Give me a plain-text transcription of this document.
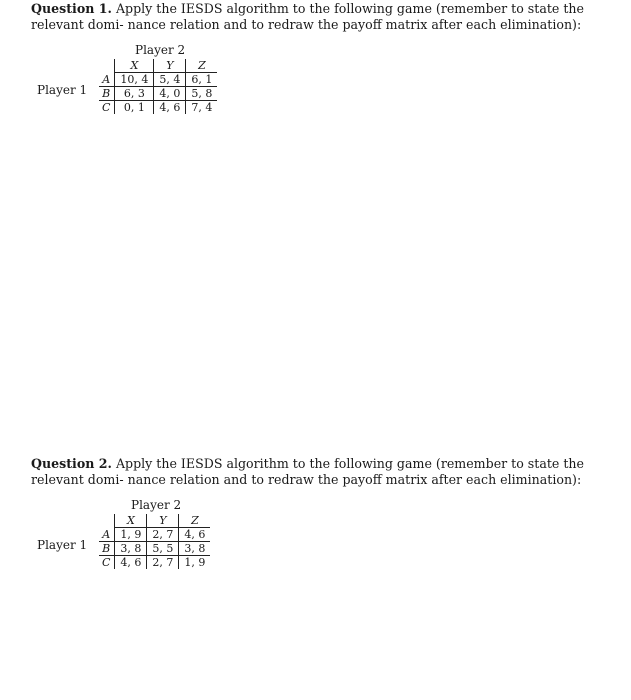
Question 1. Apply the IESDS algorithm to the following game (remember to state the relevant domi- nance relation and to redraw the payoff matrix after each elimination):

Player 2
Player 1
	X	Y	Z
A	10, 4	5, 4	6, 1
B	6, 3	4, 0	5, 8
C	0, 1	4, 6	7, 4

Question 2. Apply the IESDS algorithm to the following game (remember to state the relevant domi- nance relation and to redraw the payoff matrix after each elimination):

Player 2
Player 1
	X	Y	Z
A	1, 9	2, 7	4, 6
B	3, 8	5, 5	3, 8
C	4, 6	2, 7	1, 9
